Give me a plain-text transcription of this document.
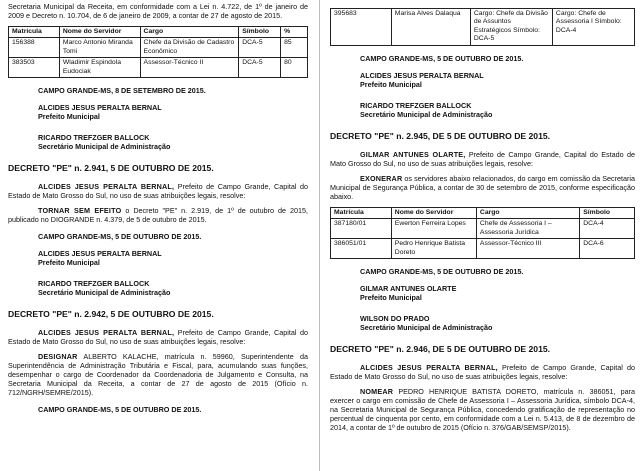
Secretaria Municipal da Receita, em conformidade com a Lei n. 4.722, de 1º de janeiro de 2009 e Decreto n. 10.704, de 6 de janeiro de 2009, a contar de 27 de agosto de 2015.

Matrícula	Nome do Servidor	Cargo	Símbolo	%
156388	Marco Antonio Miranda Tomi	Chefe da Divisão de Cadastro Econômico	DCA-5	85
383503	Wladimir Espindola Eudociak	Assessor-Técnico II	DCA-5	80

CAMPO GRANDE-MS, 8 DE SETEMBRO DE 2015.

ALCIDES JESUS PERALTA BERNAL

Prefeito Municipal

RICARDO TREFZGER BALLOCK

Secretário Municipal de Administração

DECRETO "PE" n. 2.941, 5 DE OUTUBRO DE 2015.

ALCIDES JESUS PERALTA BERNAL, Prefeito de Campo Grande, Capital do Estado de Mato Grosso do Sul, no uso de suas atribuições legais, resolve:

TORNAR SEM EFEITO o Decreto "PE" n. 2.919, de 1º de outubro de 2015, publicado no DIOGRANDE n. 4.379, de 5 de outubro de 2015.

CAMPO GRANDE-MS, 5 DE OUTUBRO DE 2015.

ALCIDES JESUS PERALTA BERNAL

Prefeito Municipal

RICARDO TREFZGER BALLOCK

Secretário Municipal de Administração

DECRETO "PE" n. 2.942, 5 DE OUTUBRO DE 2015.

ALCIDES JESUS PERALTA BERNAL, Prefeito de Campo Grande, Capital do Estado de Mato Grosso do Sul, no uso de suas atribuições legais, resolve:

DESIGNAR ALBERTO KALACHE, matrícula n. 59960, Superintendente da Superintendência de Administração Tributária e Fiscal, para, acumulando suas funções, desempenhar o cargo de Coordenador da Coordenadoria de Julgamento e Consulta, na Secretaria Municipal da Receita, a contar de 27 de agosto de 2015 (Ofício n. 712/NGRH/SEMRE/2015).

CAMPO GRANDE-MS, 5 DE OUTUBRO DE 2015.

395683	Marisa Alves Dalaqua	Cargo: Chefe da Divisão de Assuntos Estratégicos Símbolo: DCA-5	Cargo: Chefe de Assessoria I Símbolo: DCA-4

CAMPO GRANDE-MS, 5 DE OUTUBRO DE 2015.

ALCIDES JESUS PERALTA BERNAL

Prefeito Municipal

RICARDO TREFZGER BALLOCK

Secretário Municipal de Administração

DECRETO "PE" n. 2.945, DE 5 DE OUTUBRO DE 2015.

GILMAR ANTUNES OLARTE, Prefeito de Campo Grande, Capital do Estado de Mato Grosso do Sul, no uso de suas atribuições legais, resolve:

EXONERAR os servidores abaixo relacionados, do cargo em comissão da Secretaria Municipal de Segurança Pública, a contar de 30 de setembro de 2015, conforme especificação abaixo.

Matrícula	Nome do Servidor	Cargo	Símbolo
387180/01	Ewerton Ferreira Lopes	Chefe de Assessoria I – Assessoria Jurídica	DCA-4
386051/01	Pedro Henrique Batista Doreto	Assessor-Técnico III	DCA-6

CAMPO GRANDE-MS, 5 DE OUTUBRO DE 2015.

GILMAR ANTUNES OLARTE

Prefeito Municipal

WILSON DO PRADO

Secretário Municipal de Administração

DECRETO "PE" n. 2.946, DE 5 DE OUTUBRO DE 2015.

ALCIDES JESUS PERALTA BERNAL, Prefeito de Campo Grande, Capital do Estado de Mato Grosso do Sul, no uso de suas atribuições legais, resolve:

NOMEAR PEDRO HENRIQUE BATISTA DORETO, matrícula n. 386051, para exercer o cargo em comissão de Chefe de Assessoria I – Assessoria Jurídica, símbolo DCA-4, na Secretaria Municipal de Segurança Pública, concedendo gratificação de representação no percentual de cinquenta por cento, em conformidade com a Lei n. 5.413, de 8 de dezembro de 2014, a contar de 1º de outubro de 2015 (Ofício n. 376/GAB/SEMSP/2015).
